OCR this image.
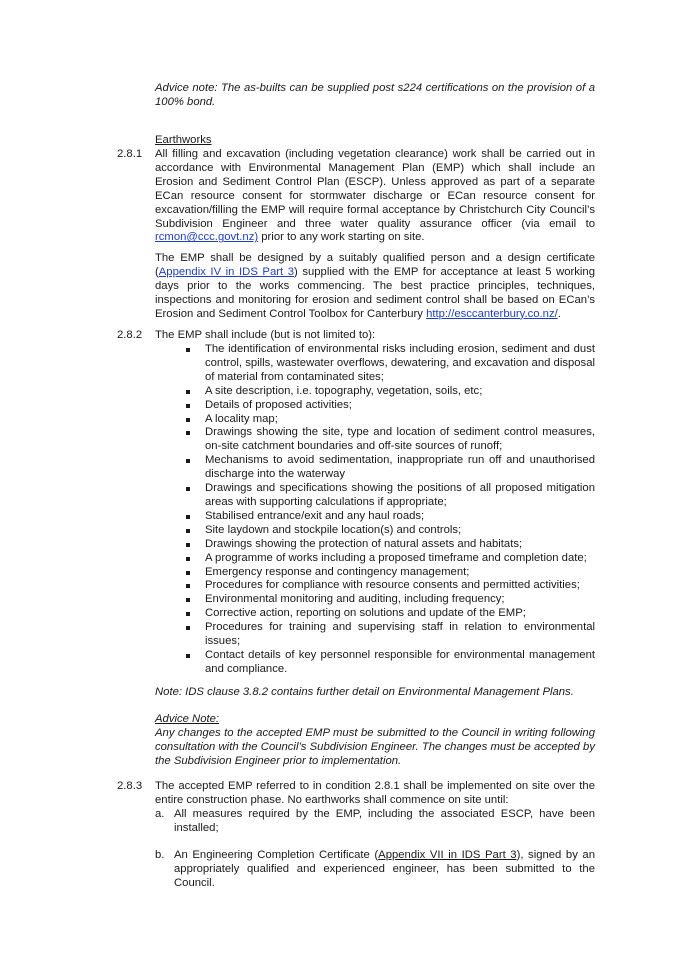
Advice note: The as-builts can be supplied post s224 certifications on the provision of a 100% bond.
Earthworks
2.8.1	All filling and excavation (including vegetation clearance) work shall be carried out in accordance with Environmental Management Plan (EMP) which shall include an Erosion and Sediment Control Plan (ESCP). Unless approved as part of a separate ECan resource consent for stormwater discharge or ECan resource consent for excavation/filling the EMP will require formal acceptance by Christchurch City Council’s Subdivision Engineer and three water quality assurance officer (via email to rcmon@ccc.govt.nz) prior to any work starting on site.
The EMP shall be designed by a suitably qualified person and a design certificate (Appendix IV in IDS Part 3) supplied with the EMP for acceptance at least 5 working days prior to the works commencing. The best practice principles, techniques, inspections and monitoring for erosion and sediment control shall be based on ECan’s Erosion and Sediment Control Toolbox for Canterbury http://esccanterbury.co.nz/.
2.8.2	The EMP shall include (but is not limited to):
The identification of environmental risks including erosion, sediment and dust control, spills, wastewater overflows, dewatering, and excavation and disposal of material from contaminated sites;
A site description, i.e. topography, vegetation, soils, etc;
Details of proposed activities;
A locality map;
Drawings showing the site, type and location of sediment control measures, on-site catchment boundaries and off-site sources of runoff;
Mechanisms to avoid sedimentation, inappropriate run off and unauthorised discharge into the waterway
Drawings and specifications showing the positions of all proposed mitigation areas with supporting calculations if appropriate;
Stabilised entrance/exit and any haul roads;
Site laydown and stockpile location(s) and controls;
Drawings showing the protection of natural assets and habitats;
A programme of works including a proposed timeframe and completion date;
Emergency response and contingency management;
Procedures for compliance with resource consents and permitted activities;
Environmental monitoring and auditing, including frequency;
Corrective action, reporting on solutions and update of the EMP;
Procedures for training and supervising staff in relation to environmental issues;
Contact details of key personnel responsible for environmental management and compliance.
Note: IDS clause 3.8.2 contains further detail on Environmental Management Plans.
Advice Note:
Any changes to the accepted EMP must be submitted to the Council in writing following consultation with the Council’s Subdivision Engineer. The changes must be accepted by the Subdivision Engineer prior to implementation.
2.8.3	The accepted EMP referred to in condition 2.8.1 shall be implemented on site over the entire construction phase. No earthworks shall commence on site until:
a. All measures required by the EMP, including the associated ESCP, have been installed;
b. An Engineering Completion Certificate (Appendix VII in IDS Part 3), signed by an appropriately qualified and experienced engineer, has been submitted to the Council.
